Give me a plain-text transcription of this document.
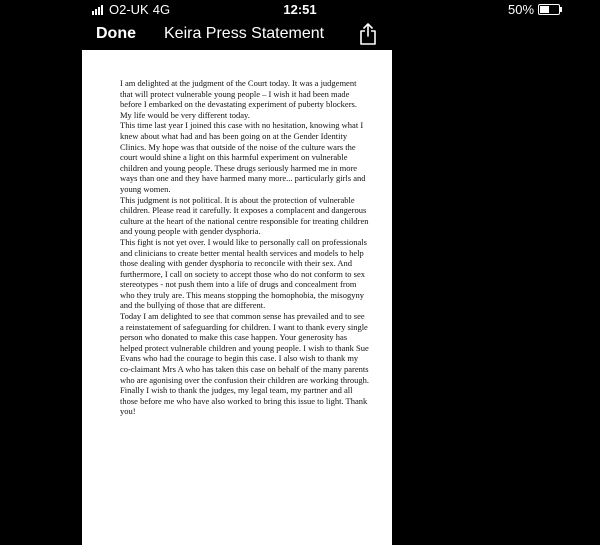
O2-UK 4G	12:51	50%
Done Keira Press Statement

I am delighted at the judgment of the Court today. It was a judgement that will protect vulnerable young people – I wish it had been made before I embarked on the devastating experiment of puberty blockers. My life would be very different today.

This time last year I joined this case with no hesitation, knowing what I knew about what had and has been going on at the Gender Identity Clinics. My hope was that outside of the noise of the culture wars the court would shine a light on this harmful experiment on vulnerable children and young people. These drugs seriously harmed me in more ways than one and they have harmed many more... particularly girls and young women.

This judgment is not political. It is about the protection of vulnerable children. Please read it carefully. It exposes a complacent and dangerous culture at the heart of the national centre responsible for treating children and young people with gender dysphoria.

This fight is not yet over. I would like to personally call on professionals and clinicians to create better mental health services and models to help those dealing with gender dysphoria to reconcile with their sex. And furthermore, I call on society to accept those who do not conform to sex stereotypes - not push them into a life of drugs and concealment from who they truly are. This means stopping the homophobia, the misogyny and the bullying of those that are different.

Today I am delighted to see that common sense has prevailed and to see a reinstatement of safeguarding for children. I want to thank every single person who donated to make this case happen. Your generosity has helped protect vulnerable children and young people. I wish to thank Sue Evans who had the courage to begin this case. I also wish to thank my co-claimant Mrs A who has taken this case on behalf of the many parents who are agonising over the confusion their children are working through. Finally I wish to thank the judges, my legal team, my partner and all those before me who have also worked to bring this issue to light. Thank you!
